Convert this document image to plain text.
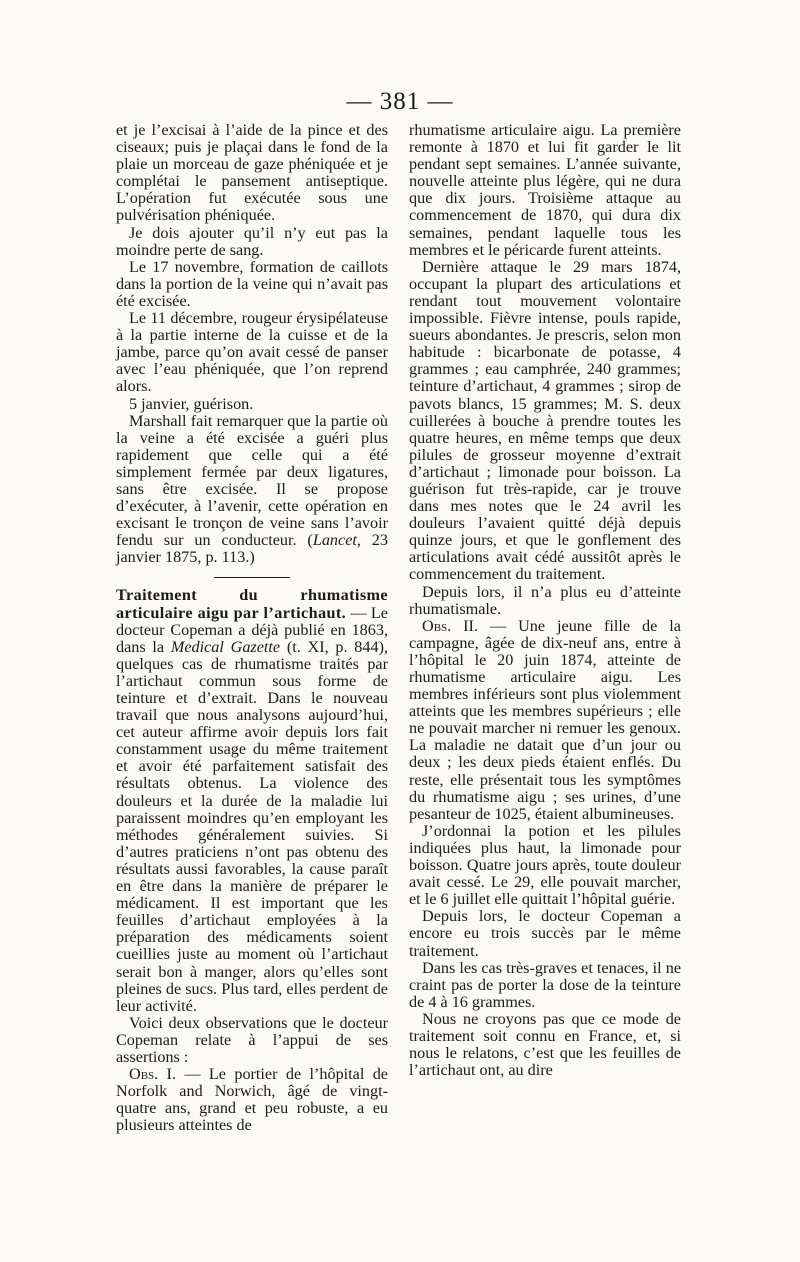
— 381 —

et je l’excisai à l’aide de la pince et des ciseaux; puis je plaçai dans le fond de la plaie un morceau de gaze phéniquée et je complétai le pansement antiseptique. L’opération fut exécutée sous une pulvérisation phéniquée.

Je dois ajouter qu’il n’y eut pas la moindre perte de sang.

Le 17 novembre, formation de caillots dans la portion de la veine qui n’avait pas été excisée.

Le 11 décembre, rougeur érysipélateuse à la partie interne de la cuisse et de la jambe, parce qu’on avait cessé de panser avec l’eau phéniquée, que l’on reprend alors.

5 janvier, guérison.

Marshall fait remarquer que la partie où la veine a été excisée a guéri plus rapidement que celle qui a été simplement fermée par deux ligatures, sans être excisée. Il se propose d’exécuter, à l’avenir, cette opération en excisant le tronçon de veine sans l’avoir fendu sur un conducteur. (Lancet, 23 janvier 1875, p. 113.)

Traitement du rhumatisme articulaire aigu par l’artichaut. — Le docteur Copeman a déjà publié en 1863, dans la Medical Gazette (t. XI, p. 844), quelques cas de rhumatisme traités par l’artichaut commun sous forme de teinture et d’extrait. Dans le nouveau travail que nous analysons aujourd’hui, cet auteur affirme avoir depuis lors fait constamment usage du même traitement et avoir été parfaitement satisfait des résultats obtenus. La violence des douleurs et la durée de la maladie lui paraissent moindres qu’en employant les méthodes généralement suivies. Si d’autres praticiens n’ont pas obtenu des résultats aussi favorables, la cause paraît en être dans la manière de préparer le médicament. Il est important que les feuilles d’artichaut employées à la préparation des médicaments soient cueillies juste au moment où l’artichaut serait bon à manger, alors qu’elles sont pleines de sucs. Plus tard, elles perdent de leur activité.

Voici deux observations que le docteur Copeman relate à l’appui de ses assertions :

Obs. I. — Le portier de l’hôpital de Norfolk and Norwich, âgé de vingt-quatre ans, grand et peu robuste, a eu plusieurs atteintes de

rhumatisme articulaire aigu. La première remonte à 1870 et lui fit garder le lit pendant sept semaines. L’année suivante, nouvelle atteinte plus légère, qui ne dura que dix jours. Troisième attaque au commencement de 1870, qui dura dix semaines, pendant laquelle tous les membres et le péricarde furent atteints.

Dernière attaque le 29 mars 1874, occupant la plupart des articulations et rendant tout mouvement volontaire impossible. Fièvre intense, pouls rapide, sueurs abondantes. Je prescris, selon mon habitude : bicarbonate de potasse, 4 grammes ; eau camphrée, 240 grammes; teinture d’artichaut, 4 grammes ; sirop de pavots blancs, 15 grammes; M. S. deux cuillerées à bouche à prendre toutes les quatre heures, en même temps que deux pilules de grosseur moyenne d’extrait d’artichaut ; limonade pour boisson. La guérison fut très-rapide, car je trouve dans mes notes que le 24 avril les douleurs l’avaient quitté déjà depuis quinze jours, et que le gonflement des articulations avait cédé aussitôt après le commencement du traitement.

Depuis lors, il n’a plus eu d’atteinte rhumatismale.

Obs. II. — Une jeune fille de la campagne, âgée de dix-neuf ans, entre à l’hôpital le 20 juin 1874, atteinte de rhumatisme articulaire aigu. Les membres inférieurs sont plus violemment atteints que les membres supérieurs ; elle ne pouvait marcher ni remuer les genoux. La maladie ne datait que d’un jour ou deux ; les deux pieds étaient enflés. Du reste, elle présentait tous les symptômes du rhumatisme aigu ; ses urines, d’une pesanteur de 1025, étaient albumineuses.

J’ordonnai la potion et les pilules indiquées plus haut, la limonade pour boisson. Quatre jours après, toute douleur avait cessé. Le 29, elle pouvait marcher, et le 6 juillet elle quittait l’hôpital guérie.

Depuis lors, le docteur Copeman a encore eu trois succès par le même traitement.

Dans les cas très-graves et tenaces, il ne craint pas de porter la dose de la teinture de 4 à 16 grammes.

Nous ne croyons pas que ce mode de traitement soit connu en France, et, si nous le relatons, c’est que les feuilles de l’artichaut ont, au dire
